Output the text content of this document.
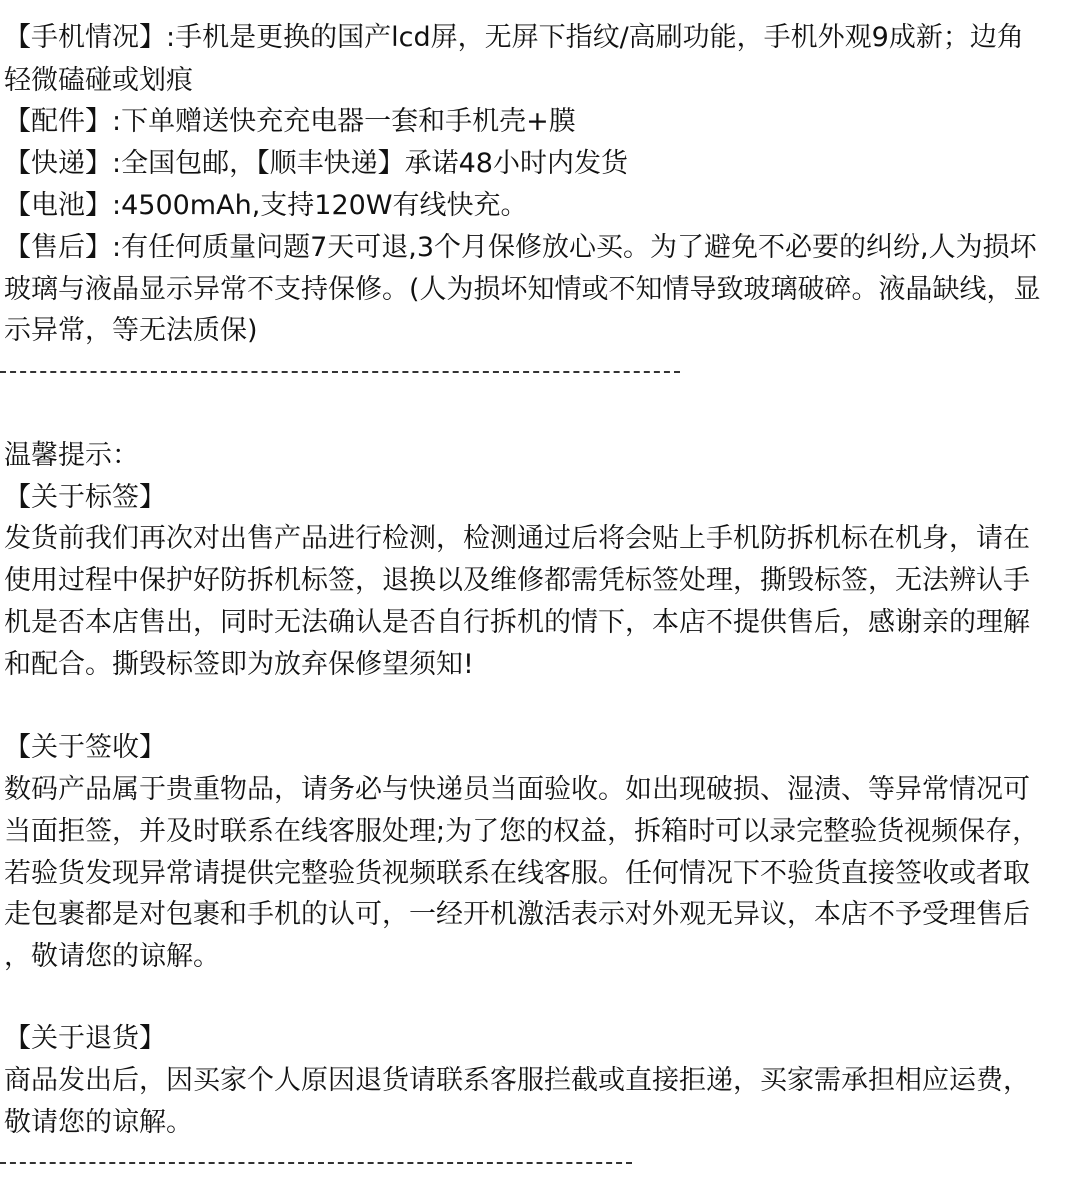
【手机情况】:手机是更换的国产lcd屏，无屏下指纹/高刷功能，手机外观9成新；边角
轻微磕碰或划痕
【配件】:下单赠送快充充电器一套和手机壳+膜
【快递】:全国包邮，【顺丰快递】承诺48小时内发货
【电池】:4500mAh,支持120W有线快充。
【售后】:有任何质量问题7天可退,3个月保修放心买。为了避免不必要的纠纷,人为损坏
玻璃与液晶显示异常不支持保修。(人为损坏知情或不知情导致玻璃破碎。液晶缺线，显
示异常，等无法质保)
温馨提示：
【关于标签】
发货前我们再次对出售产品进行检测，检测通过后将会贴上手机防拆机标在机身，请在
使用过程中保护好防拆机标签，退换以及维修都需凭标签处理，撕毁标签，无法辨认手
机是否本店售出，同时无法确认是否自行拆机的情下，本店不提供售后，感谢亲的理解
和配合。撕毁标签即为放弃保修望须知!
【关于签收】
数码产品属于贵重物品，请务必与快递员当面验收。如出现破损、湿渍、等异常情况可
当面拒签，并及时联系在线客服处理;为了您的权益，拆箱时可以录完整验货视频保存，
若验货发现异常请提供完整验货视频联系在线客服。任何情况下不验货直接签收或者取
走包裹都是对包裹和手机的认可，一经开机激活表示对外观无异议，本店不予受理售后
，敬请您的谅解。
【关于退货】
商品发出后，因买家个人原因退货请联系客服拦截或直接拒递，买家需承担相应运费，
敬请您的谅解。
